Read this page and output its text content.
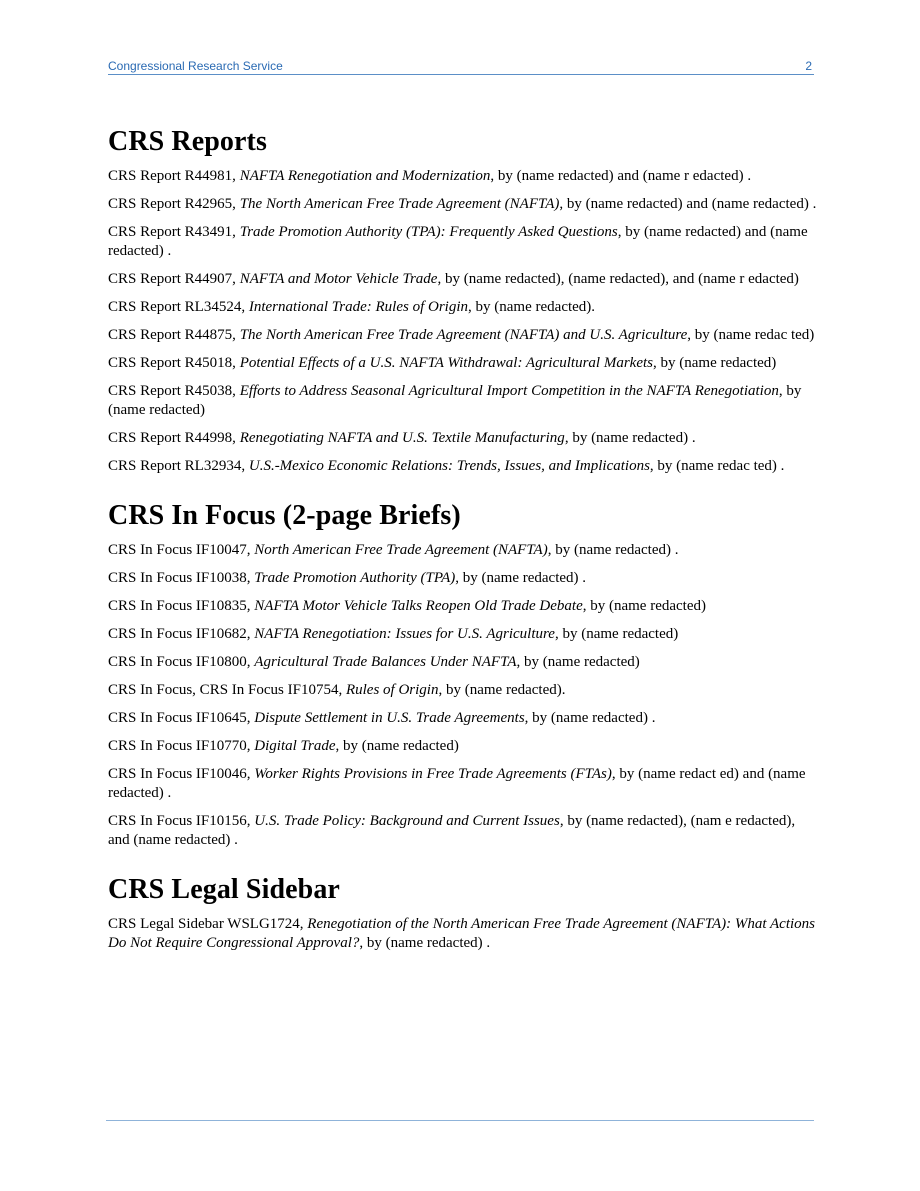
Congressional Research Service	2
CRS Reports

CRS Report R44981, NAFTA Renegotiation and Modernization, by (name redacted) and (name r edacted) .

CRS Report R42965, The North American Free Trade Agreement (NAFTA), by (name redacted) and (name redacted) .

CRS Report R43491, Trade Promotion Authority (TPA): Frequently Asked Questions, by (name redacted) and (name redacted) .

CRS Report R44907, NAFTA and Motor Vehicle Trade, by (name redacted), (name redacted), and (name r edacted)

CRS Report RL34524, International Trade: Rules of Origin, by (name redacted).

CRS Report R44875, The North American Free Trade Agreement (NAFTA) and U.S. Agriculture, by (name redac ted)

CRS Report R45018, Potential Effects of a U.S. NAFTA Withdrawal: Agricultural Markets, by (name redacted)

CRS Report R45038, Efforts to Address Seasonal Agricultural Import Competition in the NAFTA Renegotiation, by (name redacted)

CRS Report R44998, Renegotiating NAFTA and U.S. Textile Manufacturing, by (name redacted) .

CRS Report RL32934, U.S.-Mexico Economic Relations: Trends, Issues, and Implications, by (name redac ted) .

CRS In Focus (2-page Briefs)

CRS In Focus IF10047, North American Free Trade Agreement (NAFTA), by (name redacted) .

CRS In Focus IF10038, Trade Promotion Authority (TPA), by (name redacted) .

CRS In Focus IF10835, NAFTA Motor Vehicle Talks Reopen Old Trade Debate, by (name redacted)

CRS In Focus IF10682, NAFTA Renegotiation: Issues for U.S. Agriculture, by (name redacted)

CRS In Focus IF10800, Agricultural Trade Balances Under NAFTA, by (name redacted)

CRS In Focus, CRS In Focus IF10754, Rules of Origin, by (name redacted).

CRS In Focus IF10645, Dispute Settlement in U.S. Trade Agreements, by (name redacted) .

CRS In Focus IF10770, Digital Trade, by (name redacted)

CRS In Focus IF10046, Worker Rights Provisions in Free Trade Agreements (FTAs), by (name redact ed) and (name redacted) .

CRS In Focus IF10156, U.S. Trade Policy: Background and Current Issues, by (name redacted), (nam e redacted), and (name redacted) .

CRS Legal Sidebar

CRS Legal Sidebar WSLG1724, Renegotiation of the North American Free Trade Agreement (NAFTA): What Actions Do Not Require Congressional Approval?, by (name redacted) .
